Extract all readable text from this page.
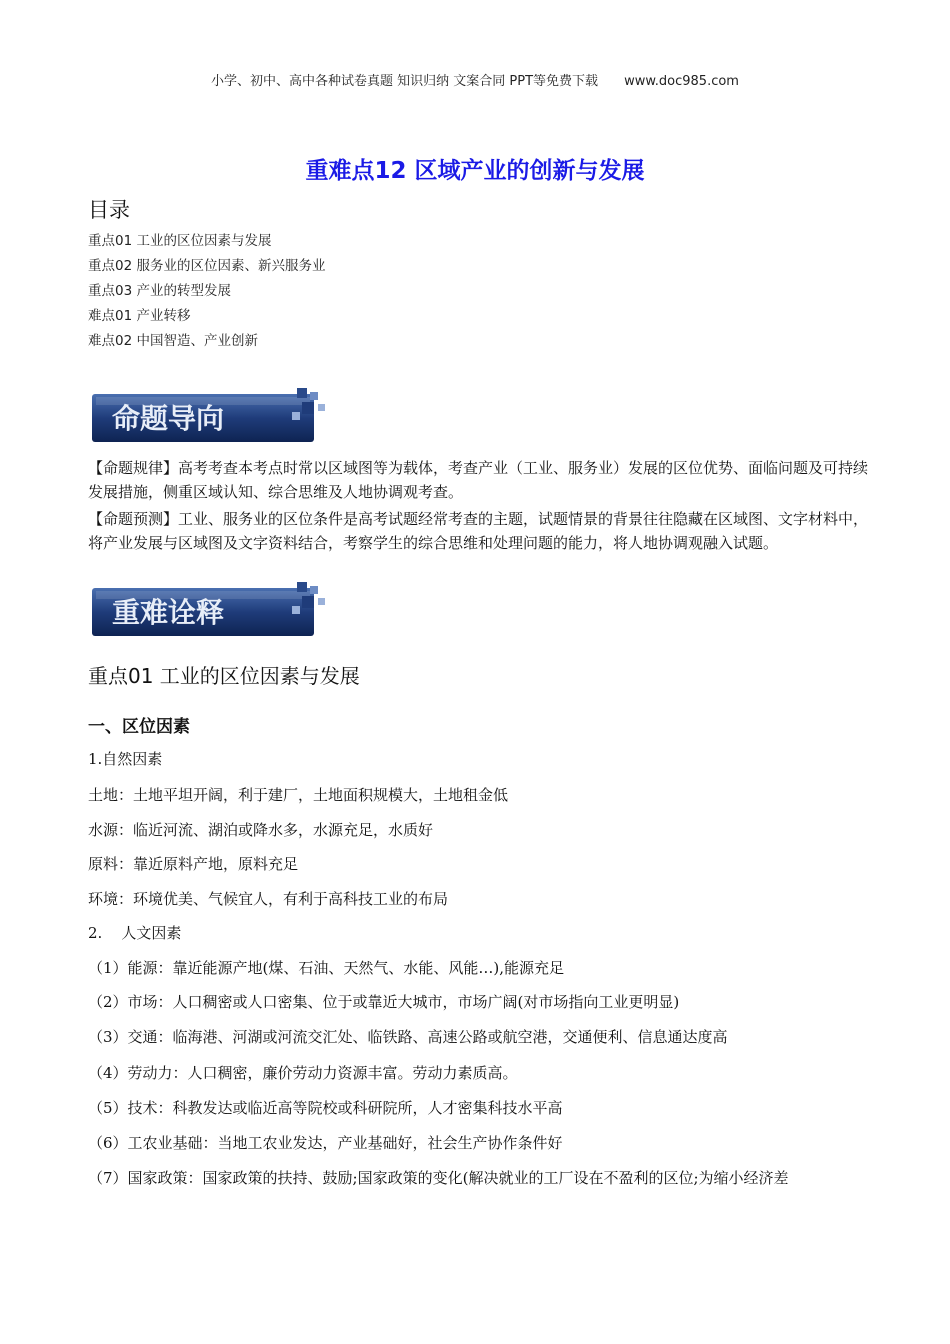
小学、初中、高中各种试卷真题 知识归纳 文案合同 PPT等免费下载 www.doc985.com
重难点12 区域产业的创新与发展
目录
重点01 工业的区位因素与发展
重点02 服务业的区位因素、新兴服务业
重点03 产业的转型发展
难点01 产业转移
难点02 中国智造、产业创新
命题导向
【命题规律】高考考查本考点时常以区域图等为载体，考查产业（工业、服务业）发展的区位优势、面临问题及可持续发展措施，侧重区域认知、综合思维及人地协调观考查。
【命题预测】工业、服务业的区位条件是高考试题经常考查的主题，试题情景的背景往往隐藏在区域图、文字材料中，将产业发展与区域图及文字资料结合，考察学生的综合思维和处理问题的能力，将人地协调观融入试题。
重难诠释
重点01 工业的区位因素与发展
一、区位因素
1.自然因素
土地：土地平坦开阔，利于建厂，土地面积规模大，土地租金低
水源：临近河流、湖泊或降水多，水源充足，水质好
原料：靠近原料产地，原料充足
环境：环境优美、气候宜人，有利于高科技工业的布局
2.    人文因素
（1）能源：靠近能源产地(煤、石油、天然气、水能、风能…),能源充足
（2）市场：人口稠密或人口密集、位于或靠近大城市，市场广阔(对市场指向工业更明显)
（3）交通：临海港、河湖或河流交汇处、临铁路、高速公路或航空港，交通便利、信息通达度高
（4）劳动力：人口稠密，廉价劳动力资源丰富。劳动力素质高。
（5）技术：科教发达或临近高等院校或科研院所，人才密集科技水平高
（6）工农业基础：当地工农业发达，产业基础好，社会生产协作条件好
（7）国家政策：国家政策的扶持、鼓励;国家政策的变化(解决就业的工厂设在不盈利的区位;为缩小经济差
